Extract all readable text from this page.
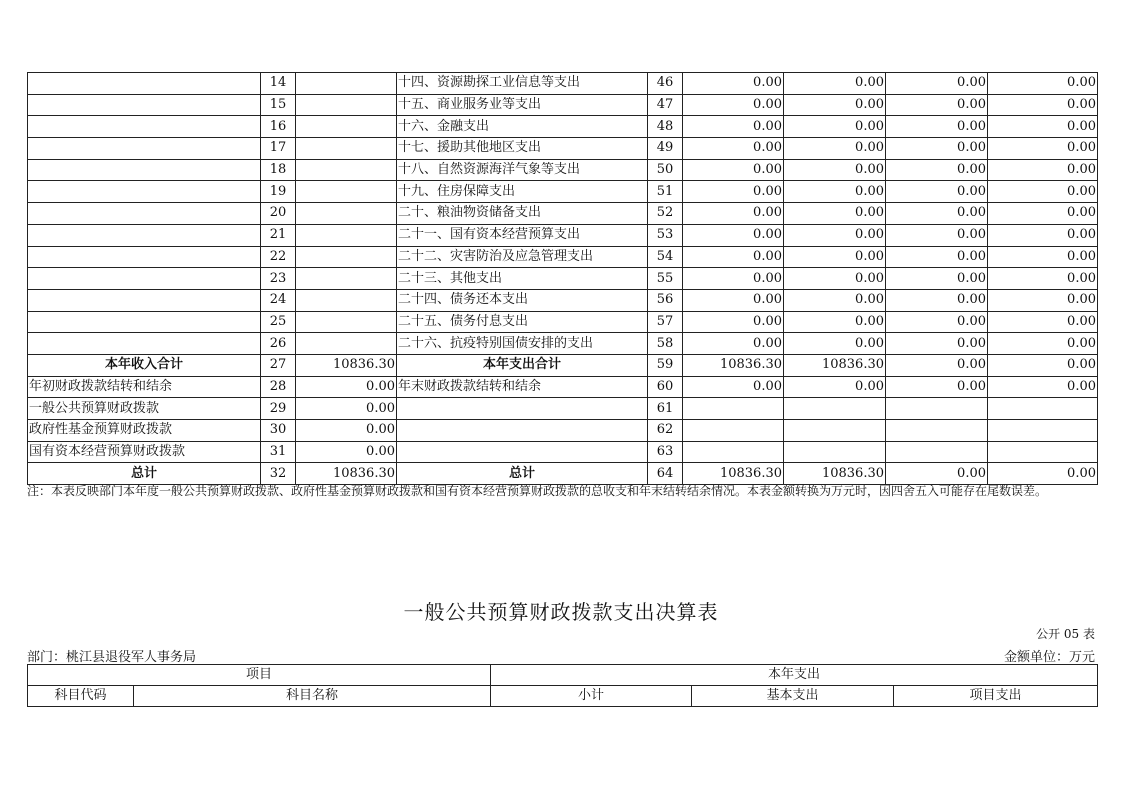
	14		十四、资源勘探工业信息等支出	46	0.00	0.00	0.00	0.00
	15		十五、商业服务业等支出	47	0.00	0.00	0.00	0.00
	16		十六、金融支出	48	0.00	0.00	0.00	0.00
	17		十七、援助其他地区支出	49	0.00	0.00	0.00	0.00
	18		十八、自然资源海洋气象等支出	50	0.00	0.00	0.00	0.00
	19		十九、住房保障支出	51	0.00	0.00	0.00	0.00
	20		二十、粮油物资储备支出	52	0.00	0.00	0.00	0.00
	21		二十一、国有资本经营预算支出	53	0.00	0.00	0.00	0.00
	22		二十二、灾害防治及应急管理支出	54	0.00	0.00	0.00	0.00
	23		二十三、其他支出	55	0.00	0.00	0.00	0.00
	24		二十四、债务还本支出	56	0.00	0.00	0.00	0.00
	25		二十五、债务付息支出	57	0.00	0.00	0.00	0.00
	26		二十六、抗疫特别国债安排的支出	58	0.00	0.00	0.00	0.00
本年收入合计	27	10836.30	本年支出合计	59	10836.30	10836.30	0.00	0.00
年初财政拨款结转和结余	28	0.00	年末财政拨款结转和结余	60	0.00	0.00	0.00	0.00
一般公共预算财政拨款	29	0.00		61				
政府性基金预算财政拨款	30	0.00		62				
国有资本经营预算财政拨款	31	0.00		63				
总计	32	10836.30	总计	64	10836.30	10836.30	0.00	0.00
注：本表反映部门本年度一般公共预算财政拨款、政府性基金预算财政拨款和国有资本经营预算财政拨款的总收支和年末结转结余情况。本表金额转换为万元时，因四舍五入可能存在尾数误差。
一般公共预算财政拨款支出决算表
公开 05 表
部门：桃江县退役军人事务局	金额单位：万元
项目		本年支出		
科目代码	科目名称	小计	基本支出	项目支出
